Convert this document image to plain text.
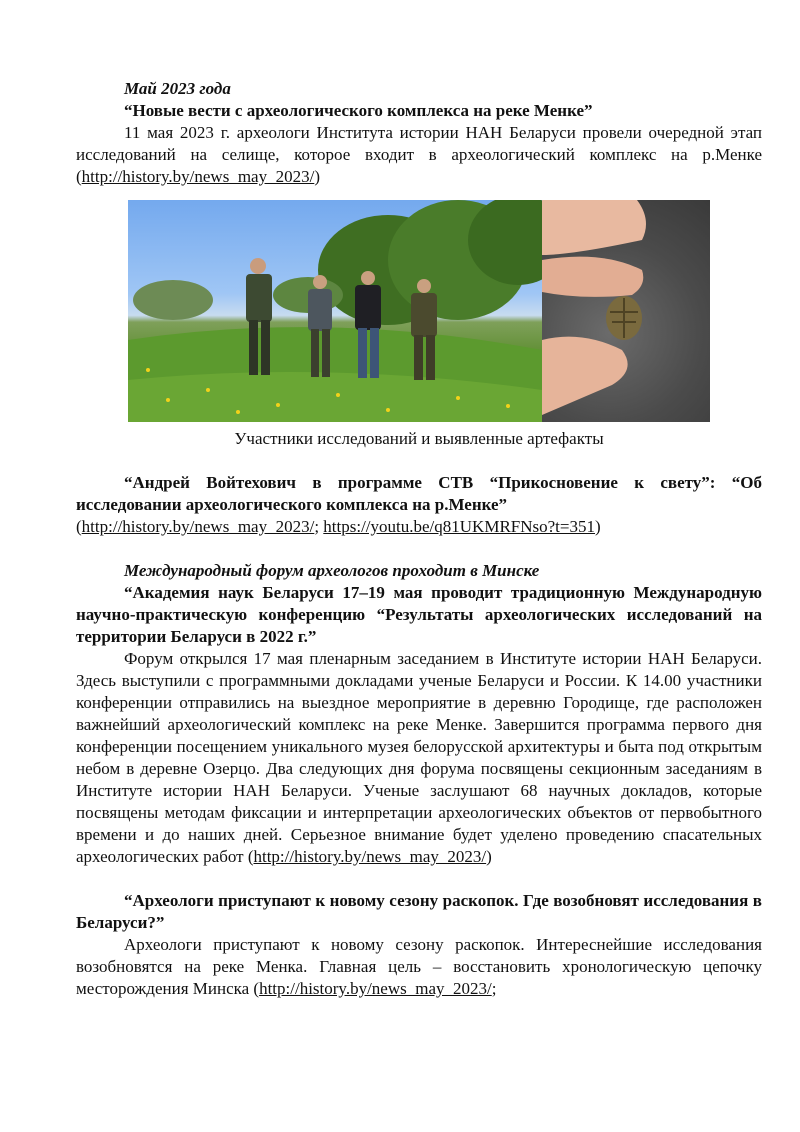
Май 2023 года

“Новые вести с археологического комплекса на реке Менке”

11 мая 2023 г. археологи Института истории НАН Беларуси провели очередной этап исследований на селище, которое входит в археологический комплекс на р.Менке (http://history.by/news_may_2023/)

Участники исследований и выявленные артефакты

“Андрей Войтехович в программе СТВ “Прикосновение к свету”: “Об исследовании археологического комплекса на р.Менке”

(http://history.by/news_may_2023/; https://youtu.be/q81UKMRFNso?t=351)

Международный форум археологов проходит в Минске

“Академия наук Беларуси 17–19 мая проводит традиционную Международную научно-практическую конференцию “Результаты археологических исследований на территории Беларуси в 2022 г.”

Форум открылся 17 мая пленарным заседанием в Институте истории НАН Беларуси. Здесь выступили с программными докладами ученые Беларуси и России. К 14.00 участники конференции отправились на выездное мероприятие в деревню Городище, где расположен важнейший археологический комплекс на реке Менке. Завершится программа первого дня конференции посещением уникального музея белорусской архитектуры и быта под открытым небом в деревне Озерцо. Два следующих дня форума посвящены секционным заседаниям в Институте истории НАН Беларуси. Ученые заслушают 68 научных докладов, которые посвящены методам фиксации и интерпретации археологических объектов от первобытного времени и до наших дней. Серьезное внимание будет уделено проведению спасательных археологических работ (http://history.by/news_may_2023/)

“Археологи приступают к новому сезону раскопок. Где возобновят исследования в Беларуси?”

Археологи приступают к новому сезону раскопок. Интереснейшие исследования возобновятся на реке Менка. Главная цель – восстановить хронологическую цепочку месторождения Минска (http://history.by/news_may_2023/;
